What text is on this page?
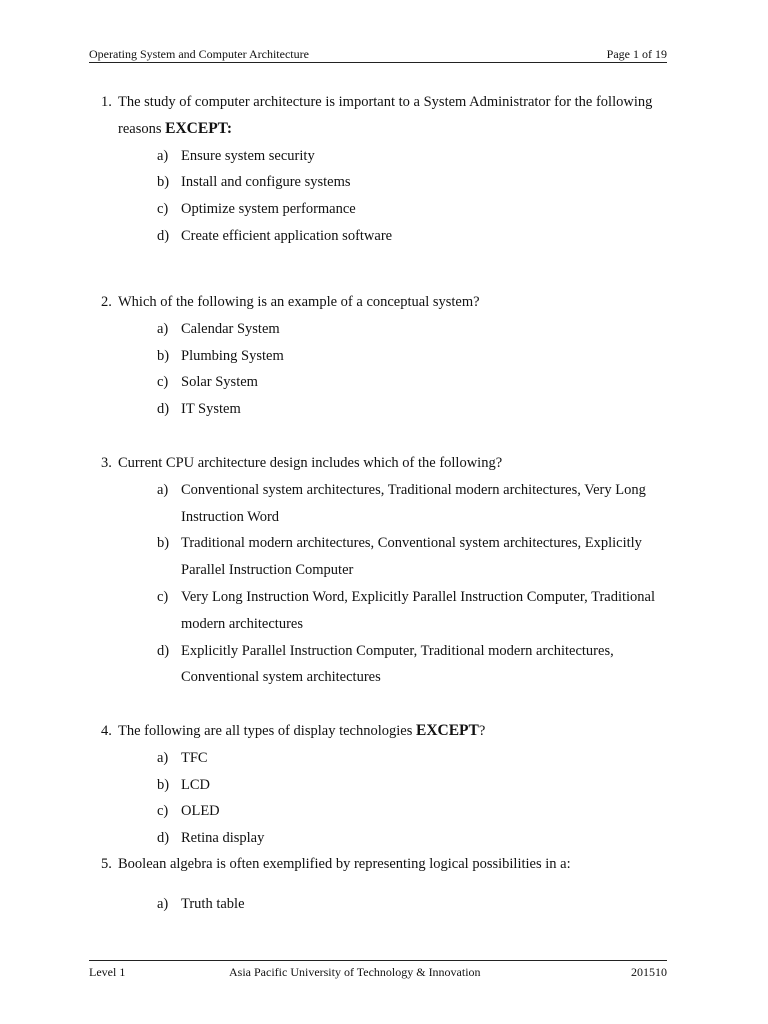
Operating System and Computer Architecture	Page 1 of 19
1. The study of computer architecture is important to a System Administrator for the following reasons EXCEPT:
a) Ensure system security
b) Install and configure systems
c) Optimize system performance
d) Create efficient application software
2. Which of the following is an example of a conceptual system?
a) Calendar System
b) Plumbing System
c) Solar System
d) IT System
3. Current CPU architecture design includes which of the following?
a) Conventional system architectures, Traditional modern architectures, Very Long Instruction Word
b) Traditional modern architectures, Conventional system architectures, Explicitly Parallel Instruction Computer
c) Very Long Instruction Word, Explicitly Parallel Instruction Computer, Traditional modern architectures
d) Explicitly Parallel Instruction Computer, Traditional modern architectures, Conventional system architectures
4. The following are all types of display technologies EXCEPT?
a) TFC
b) LCD
c) OLED
d) Retina display
5. Boolean algebra is often exemplified by representing logical possibilities in a:
a) Truth table
Level 1	Asia Pacific University of Technology & Innovation	201510
